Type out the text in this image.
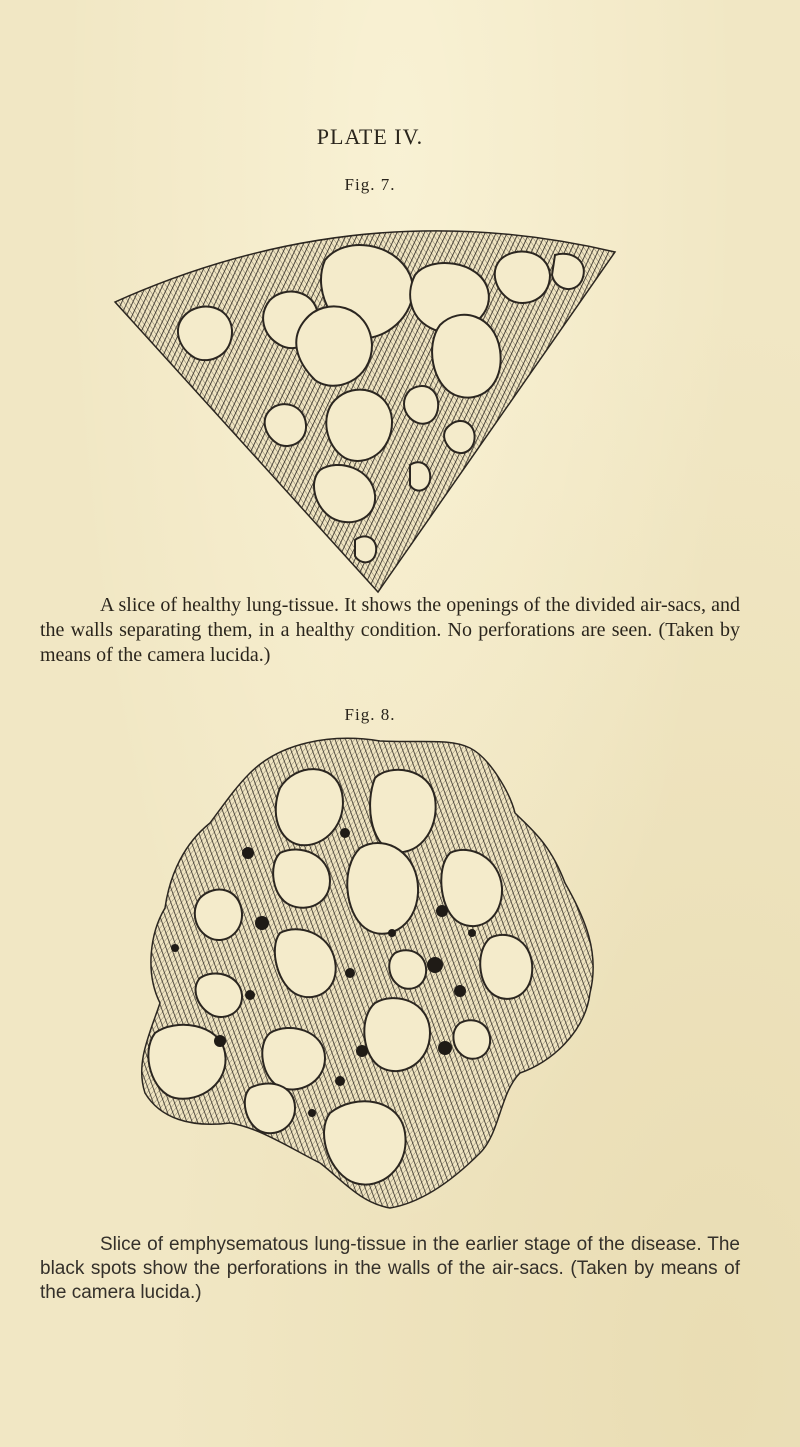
PLATE IV.
Fig. 7.
A slice of healthy lung-tissue. It shows the openings of the divided air-sacs, and the walls separating them, in a healthy condition. No perforations are seen. (Taken by means of the camera lucida.)
Fig. 8.
Slice of emphysematous lung-tissue in the earlier stage of the disease. The black spots show the perforations in the walls of the air-sacs. (Taken by means of the camera lucida.)
